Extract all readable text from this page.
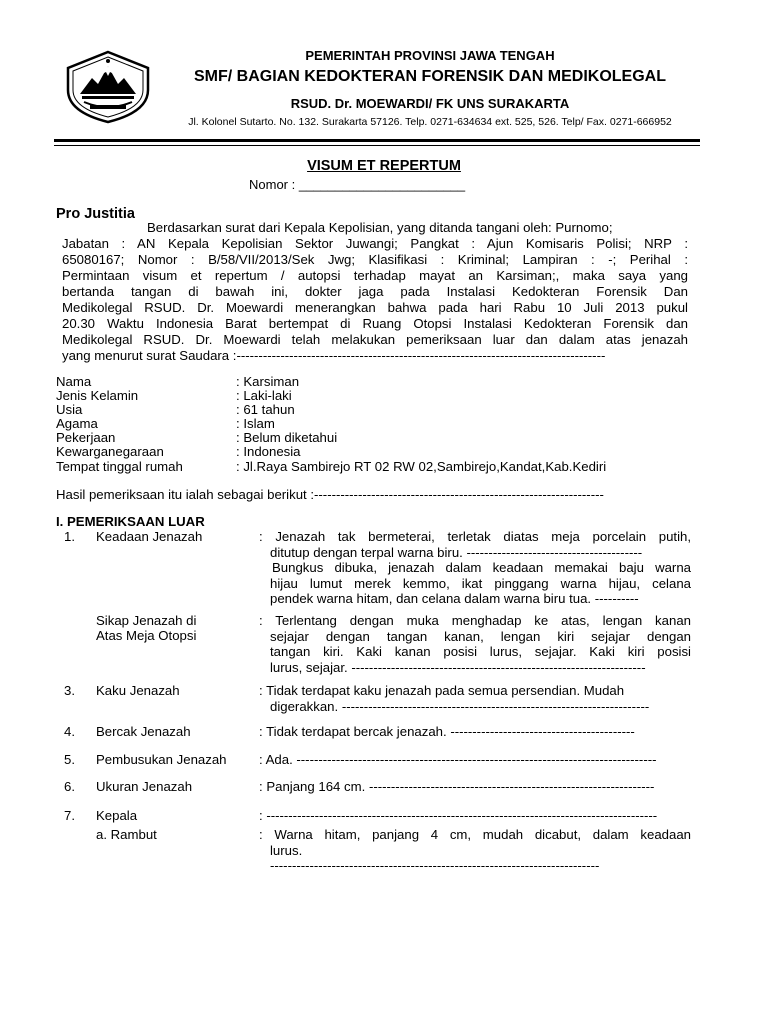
PEMERINTAH PROVINSI JAWA TENGAH
SMF/ BAGIAN KEDOKTERAN FORENSIK DAN MEDIKOLEGAL
RSUD. Dr. MOEWARDI/ FK UNS SURAKARTA
Jl. Kolonel Sutarto. No. 132. Surakarta 57126. Telp. 0271-634634 ext. 525, 526. Telp/ Fax. 0271-666952
VISUM ET REPERTUM
Nomor : _______________________
Pro Justitia
Berdasarkan surat dari Kepala Kepolisian, yang ditanda tangani oleh: Purnomo;
Jabatan : AN Kepala Kepolisian Sektor Juwangi; Pangkat : Ajun Komisaris Polisi; NRP :
65080167; Nomor : B/58/VII/2013/Sek Jwg; Klasifikasi : Kriminal; Lampiran : -; Perihal :
Permintaan visum et repertum / autopsi terhadap mayat an Karsiman;, maka saya yang
bertanda tangan di bawah ini, dokter jaga pada Instalasi Kedokteran Forensik Dan
Medikolegal RSUD. Dr. Moewardi menerangkan bahwa pada hari Rabu 10 Juli 2013 pukul
20.30 Waktu Indonesia Barat bertempat di Ruang Otopsi Instalasi Kedokteran Forensik dan
Medikolegal RSUD. Dr. Moewardi telah melakukan pemeriksaan luar dan dalam atas jenazah
yang menurut surat Saudara :------------------------------------------------------------------------------------
Nama	: Karsiman
Jenis Kelamin	: Laki-laki
Usia	: 61 tahun
Agama	: Islam
Pekerjaan	: Belum diketahui
Kewarganegaraan	: Indonesia
Tempat tinggal rumah	: Jl.Raya Sambirejo RT 02 RW 02,Sambirejo,Kandat,Kab.Kediri
Hasil pemeriksaan itu ialah sebagai berikut :------------------------------------------------------------------
I. PEMERIKSAAN LUAR
1. Keadaan Jenazah	: Jenazah tak bermeterai, terletak diatas meja porcelain putih,
ditutup dengan terpal warna biru. ----------------------------------------
Bungkus dibuka, jenazah dalam keadaan memakai baju warna
hijau lumut merek kemmo, ikat pinggang warna hijau, celana
pendek warna hitam, dan celana dalam warna biru tua. ----------
Sikap Jenazah di
Atas Meja Otopsi
: Terlentang dengan muka menghadap ke atas, lengan kanan
sejajar dengan tangan kanan, lengan kiri sejajar dengan
tangan kiri. Kaki kanan posisi lurus, sejajar. Kaki kiri posisi
lurus, sejajar. -------------------------------------------------------------------
3. Kaku Jenazah	: Tidak terdapat kaku jenazah pada semua persendian. Mudah
digerakkan. ----------------------------------------------------------------------
4. Bercak Jenazah	: Tidak terdapat bercak jenazah. ------------------------------------------
5. Pembusukan Jenazah : Ada. ----------------------------------------------------------------------------------
6. Ukuran Jenazah	: Panjang 164 cm. -----------------------------------------------------------------
7. Kepala	: -----------------------------------------------------------------------------------------
a. Rambut	: Warna hitam, panjang 4 cm, mudah dicabut, dalam keadaan
lurus.
---------------------------------------------------------------------------
